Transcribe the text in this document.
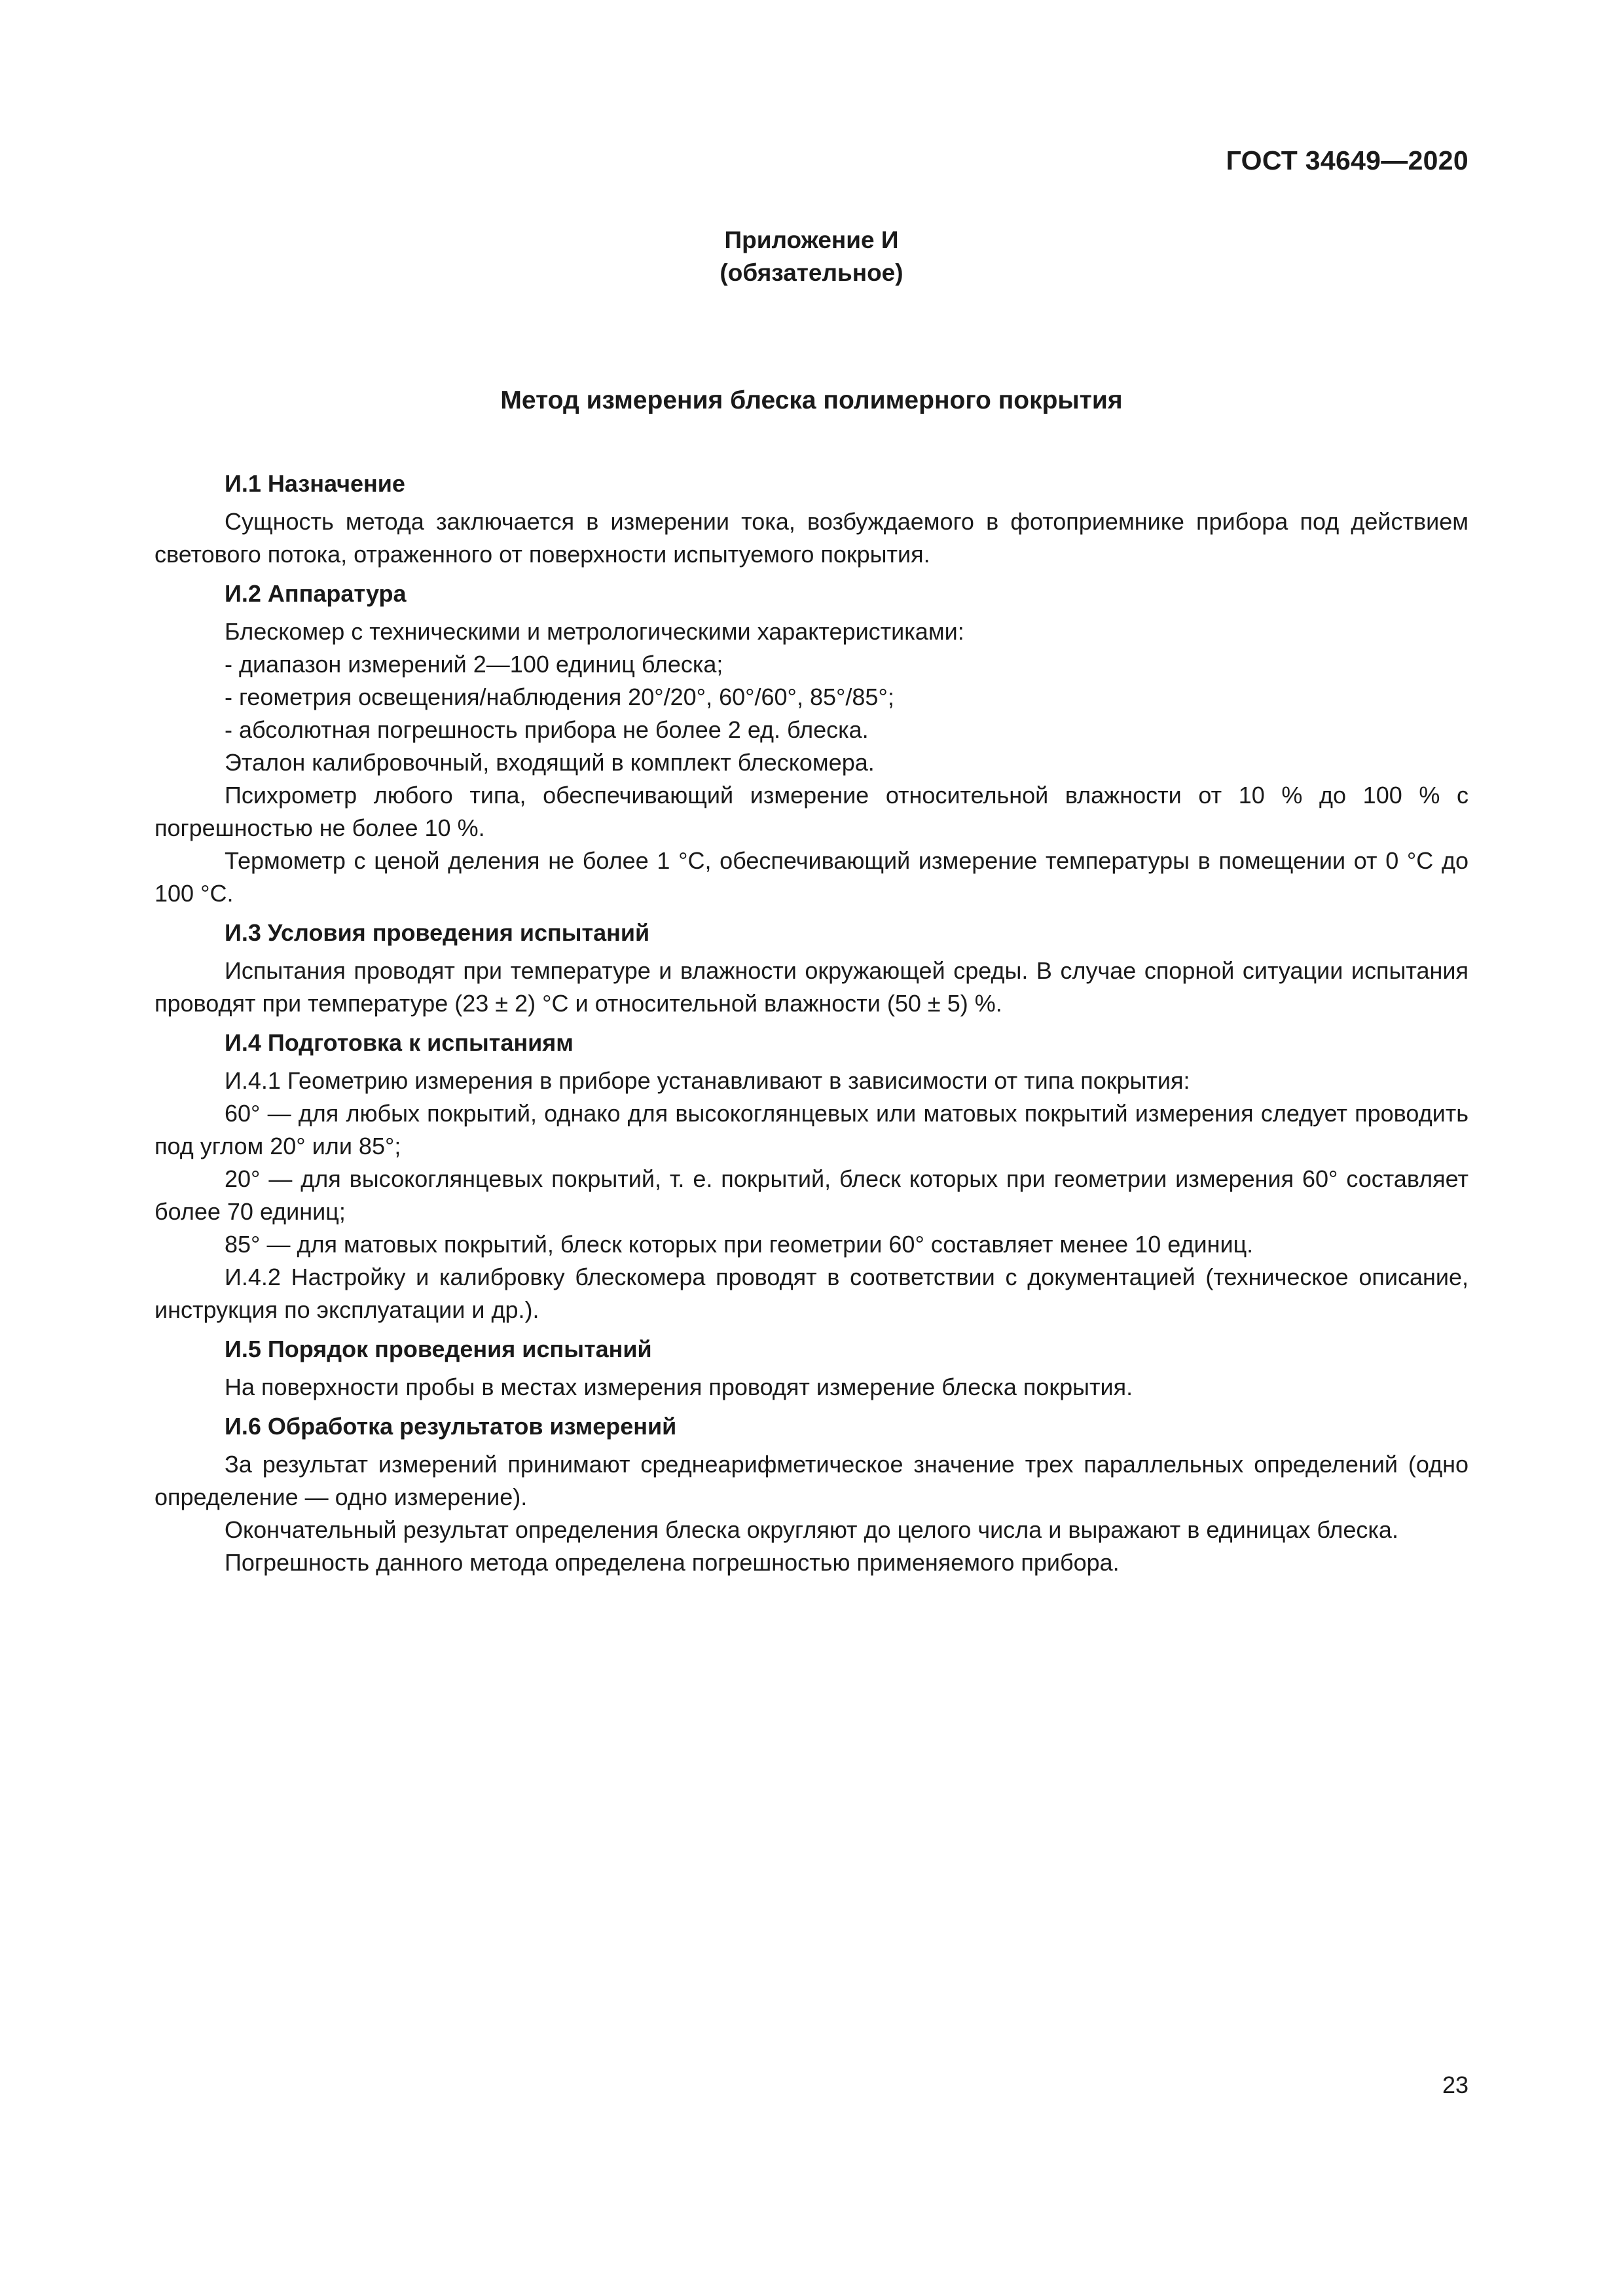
ГОСТ 34649—2020
Приложение И
(обязательное)
Метод измерения блеска полимерного покрытия
И.1 Назначение

Сущность метода заключается в измерении тока, возбуждаемого в фотоприемнике прибора под действием светового потока, отраженного от поверхности испытуемого покрытия.

И.2 Аппаратура

Блескомер с техническими и метрологическими характеристиками:

- диапазон измерений 2—100 единиц блеска;

- геометрия освещения/наблюдения 20°/20°, 60°/60°, 85°/85°;

- абсолютная погрешность прибора не более 2 ед. блеска.

Эталон калибровочный, входящий в комплект блескомера.

Психрометр любого типа, обеспечивающий измерение относительной влажности от 10 % до 100 % с погрешностью не более 10 %.

Термометр с ценой деления не более 1 °С, обеспечивающий измерение температуры в помещении от 0 °С до 100 °С.

И.3 Условия проведения испытаний

Испытания проводят при температуре и влажности окружающей среды. В случае спорной ситуации испытания проводят при температуре (23 ± 2) °С и относительной влажности (50 ± 5) %.

И.4 Подготовка к испытаниям

И.4.1 Геометрию измерения в приборе устанавливают в зависимости от типа покрытия:

60° — для любых покрытий, однако для высокоглянцевых или матовых покрытий измерения следует проводить под углом 20° или 85°;

20° — для высокоглянцевых покрытий, т. е. покрытий, блеск которых при геометрии измерения 60° составляет более 70 единиц;

85° — для матовых покрытий, блеск которых при геометрии 60° составляет менее 10 единиц.

И.4.2 Настройку и калибровку блескомера проводят в соответствии с документацией (техническое описание, инструкция по эксплуатации и др.).

И.5 Порядок проведения испытаний

На поверхности пробы в местах измерения проводят измерение блеска покрытия.

И.6 Обработка результатов измерений

За результат измерений принимают среднеарифметическое значение трех параллельных определений (одно определение — одно измерение).

Окончательный результат определения блеска округляют до целого числа и выражают в единицах блеска.

Погрешность данного метода определена погрешностью применяемого прибора.

23
